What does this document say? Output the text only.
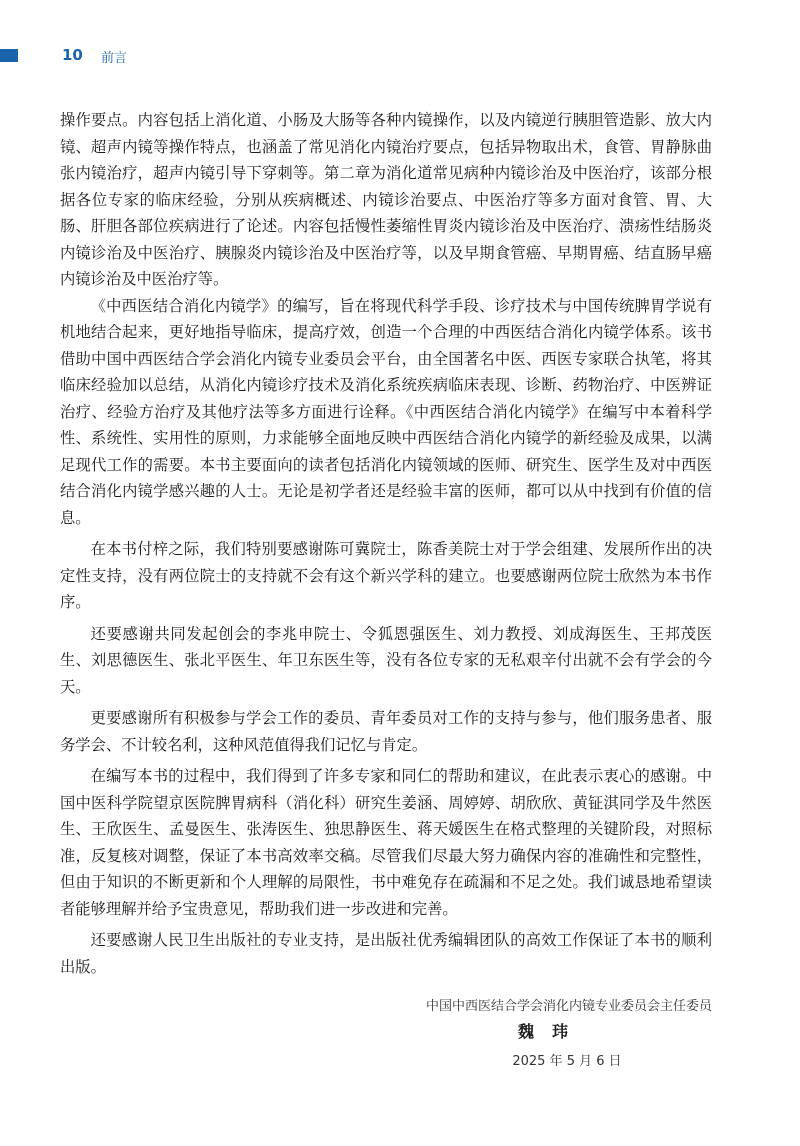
10 前言

操作要点。内容包括上消化道、小肠及大肠等各种内镜操作，以及内镜逆行胰胆管造影、放大内镜、超声内镜等操作特点，也涵盖了常见消化内镜治疗要点，包括异物取出术，食管、胃静脉曲张内镜治疗，超声内镜引导下穿刺等。第二章为消化道常见病种内镜诊治及中医治疗，该部分根据各位专家的临床经验，分别从疾病概述、内镜诊治要点、中医治疗等多方面对食管、胃、大肠、肝胆各部位疾病进行了论述。内容包括慢性萎缩性胃炎内镜诊治及中医治疗、溃疡性结肠炎内镜诊治及中医治疗、胰腺炎内镜诊治及中医治疗等，以及早期食管癌、早期胃癌、结直肠早癌内镜诊治及中医治疗等。

《中西医结合消化内镜学》的编写，旨在将现代科学手段、诊疗技术与中国传统脾胃学说有机地结合起来，更好地指导临床，提高疗效，创造一个合理的中西医结合消化内镜学体系。该书借助中国中西医结合学会消化内镜专业委员会平台，由全国著名中医、西医专家联合执笔，将其临床经验加以总结，从消化内镜诊疗技术及消化系统疾病临床表现、诊断、药物治疗、中医辨证治疗、经验方治疗及其他疗法等多方面进行诠释。《中西医结合消化内镜学》在编写中本着科学性、系统性、实用性的原则，力求能够全面地反映中西医结合消化内镜学的新经验及成果，以满足现代工作的需要。本书主要面向的读者包括消化内镜领域的医师、研究生、医学生及对中西医结合消化内镜学感兴趣的人士。无论是初学者还是经验丰富的医师，都可以从中找到有价值的信息。

在本书付梓之际，我们特别要感谢陈可冀院士，陈香美院士对于学会组建、发展所作出的决定性支持，没有两位院士的支持就不会有这个新兴学科的建立。也要感谢两位院士欣然为本书作序。

还要感谢共同发起创会的李兆申院士、令狐恩强医生、刘力教授、刘成海医生、王邦茂医生、刘思德医生、张北平医生、年卫东医生等，没有各位专家的无私艰辛付出就不会有学会的今天。

更要感谢所有积极参与学会工作的委员、青年委员对工作的支持与参与，他们服务患者、服务学会、不计较名利，这种风范值得我们记忆与肯定。

在编写本书的过程中，我们得到了许多专家和同仁的帮助和建议，在此表示衷心的感谢。中国中医科学院望京医院脾胃病科（消化科）研究生姜涵、周婷婷、胡欣欣、黄钲淇同学及牛然医生、王欣医生、孟曼医生、张涛医生、独思静医生、蒋天媛医生在格式整理的关键阶段，对照标准，反复核对调整，保证了本书高效率交稿。尽管我们尽最大努力确保内容的准确性和完整性，但由于知识的不断更新和个人理解的局限性，书中难免存在疏漏和不足之处。我们诚恳地希望读者能够理解并给予宝贵意见，帮助我们进一步改进和完善。

还要感谢人民卫生出版社的专业支持，是出版社优秀编辑团队的高效工作保证了本书的顺利出版。

中国中西医结合学会消化内镜专业委员会主任委员
魏玮
2025 年 5 月 6 日
